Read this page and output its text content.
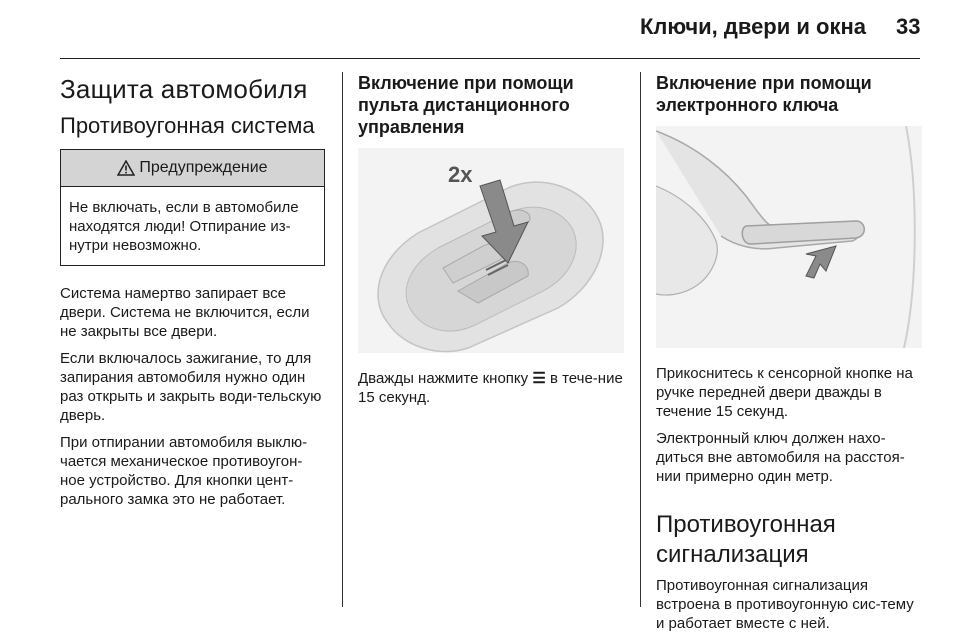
Ключи, двери и окна 33
Защита автомобиля
Противоугонная система
Предупреждение
Не включать, если в автомобиле находятся люди! Отпирание из-нутри невозможно.

Система намертво запирает все двери. Система не включится, если не закрыты все двери.

Если включалось зажигание, то для запирания автомобиля нужно один раз открыть и закрыть води-тельскую дверь.

При отпирании автомобиля выклю-чается механическое противоугон-ное устройство. Для кнопки цент-рального замка это не работает.

Включение при помощи пульта дистанционного управления
2x

Дважды нажмите кнопку ☰ в тече-ние 15 секунд.

Включение при помощи электронного ключа

Прикоснитесь к сенсорной кнопке на ручке передней двери дважды в течение 15 секунд.

Электронный ключ должен нахо-диться вне автомобиля на расстоя-нии примерно один метр.

Противоугонная сигнализация

Противоугонная сигнализация встроена в противоугонную сис-тему и работает вместе с ней.
